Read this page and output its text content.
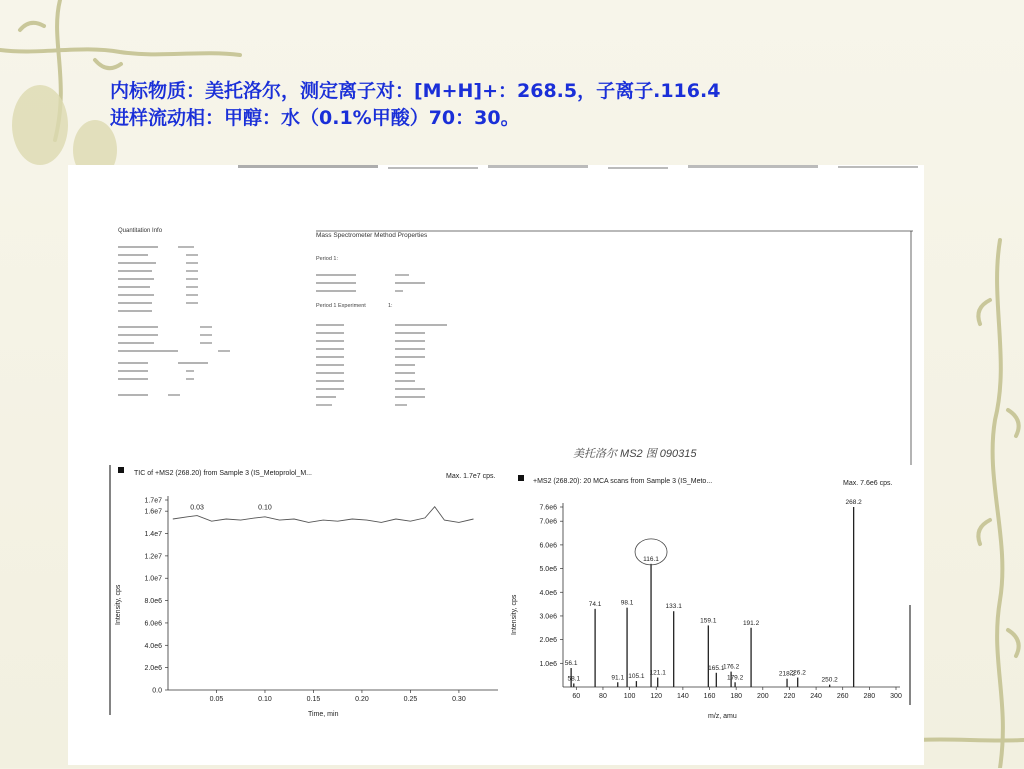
内标物质：美托洛尔，测定离子对：[M+H]+：268.5，子离子.116.4
进样流动相：甲醇：水（0.1%甲酸）70：30。
Quantitation Info
Mass Spectrometer Method Properties
Period 1:
Period 1 Experiment	1:
美托洛尔 MS2 图 090315
TIC of +MS2 (268.20) from Sample 3 (IS_Metoprolol_M...	Max. 1.7e7 cps.
1.7e7
1.6e7
1.4e7
1.2e7
1.0e7
8.0e6
6.0e6
4.0e6
2.0e6
0.0
0.05	0.10	0.15	0.20	0.25	0.30
0.03	0.10
Time, min
Intensity, cps
+MS2 (268.20): 20 MCA scans from Sample 3 (IS_Meto...	Max. 7.6e6 cps.
7.6e6
7.0e6
6.0e6
5.0e6
4.0e6
3.0e6
2.0e6
1.0e6
60	80 100 120 140 160 180 200 220 240 260 280 300
56.1
58.1
74.1
91.1
98.1
105.1
116.1
121.1
133.1
159.1
165.1
176.2
179.2
191.2
218.2
226.2
250.2
268.2
m/z, amu
Intensity, cps
